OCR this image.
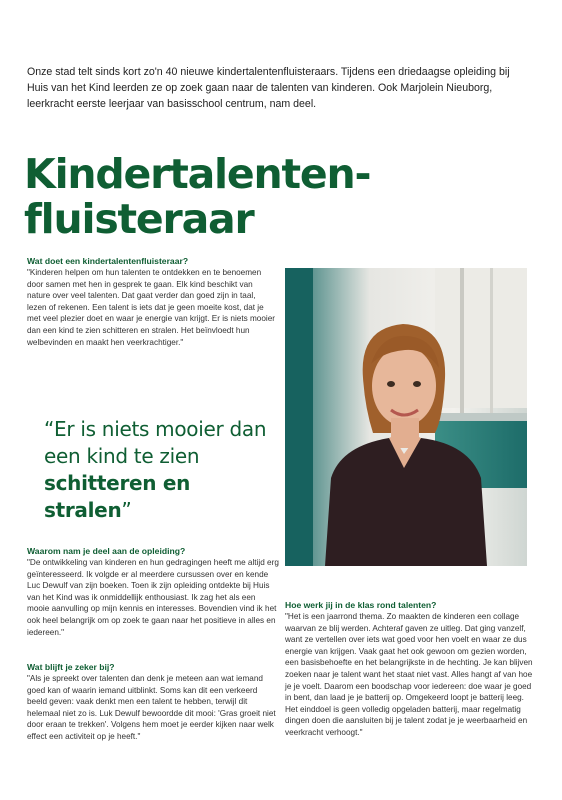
Onze stad telt sinds kort zo'n 40 nieuwe kindertalentenfluisteraars. Tijdens een driedaagse opleiding bij Huis van het Kind leerden ze op zoek gaan naar de talenten van kinderen. Ook Marjolein Nieuborg, leerkracht eerste leerjaar van basisschool centrum, nam deel.

Kindertalenten-
fluisteraar
Wat doet een kindertalentenfluisteraar?
"Kinderen helpen om hun talenten te ontdekken en te benoemen door samen met hen in gesprek te gaan. Elk kind beschikt van nature over veel talenten. Dat gaat verder dan goed zijn in taal, lezen of rekenen. Een talent is iets dat je geen moeite kost, dat je met veel plezier doet en waar je energie van krijgt. Er is niets mooier dan een kind te zien schitteren en stralen. Het beïnvloedt hun welbevinden en maakt hen veerkrachtiger."
“Er is niets mooier dan een kind te zien schitteren en stralen”
Waarom nam je deel aan de opleiding?
"De ontwikkeling van kinderen en hun gedragingen heeft me altijd erg geïnteresseerd. Ik volgde er al meerdere cursussen over en kende Luc Dewulf van zijn boeken. Toen ik zijn opleiding ontdekte bij Huis van het Kind was ik onmiddellijk enthousiast. Ik zag het als een mooie aanvulling op mijn kennis en interesses. Bovendien vind ik het ook heel belangrijk om op zoek te gaan naar het positieve in alles en iedereen."
Wat blijft je zeker bij?
"Als je spreekt over talenten dan denk je meteen aan wat iemand goed kan of waarin iemand uitblinkt. Soms kan dit een verkeerd beeld geven: vaak denkt men een talent te hebben, terwijl dit helemaal niet zo is. Luk Dewulf bewoordde dit mooi: 'Gras groeit niet door eraan te trekken'. Volgens hem moet je eerder kijken naar welk effect een activiteit op je heeft."
Hoe werk jij in de klas rond talenten?
"Het is een jaarrond thema. Zo maakten de kinderen een collage waarvan ze blij werden. Achteraf gaven ze uitleg. Dat ging vanzelf, want ze vertellen over iets wat goed voor hen voelt en waar ze dus energie van krijgen. Vaak gaat het ook gewoon om gezien worden, een basisbehoefte en het belangrijkste in de hechting. Je kan blijven zoeken naar je talent want het staat niet vast. Alles hangt af van hoe je je voelt. Daarom een boodschap voor iedereen: doe waar je goed in bent, dan laad je je batterij op. Omgekeerd loopt je batterij leeg. Het einddoel is geen volledig opgeladen batterij, maar regelmatig dingen doen die aansluiten bij je talent zodat je je weerbaarheid en veerkracht verhoogt."
